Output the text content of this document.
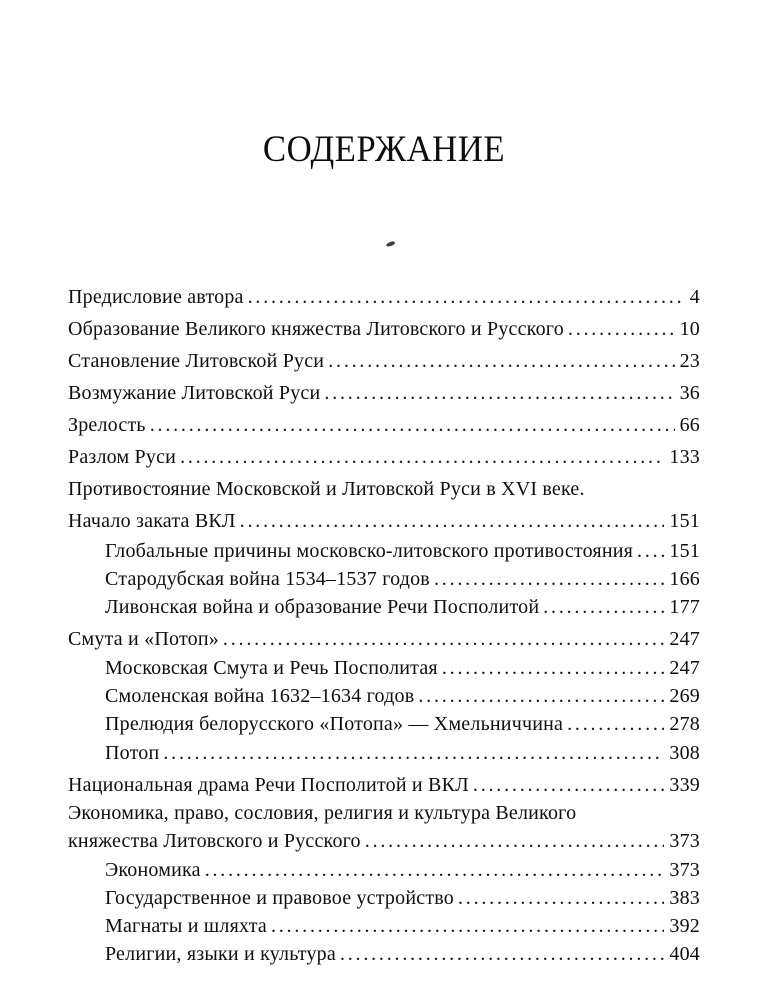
СОДЕРЖАНИЕ
Предисловие автора .....	4
Образование Великого княжества Литовского и Русского .....	10
Становление Литовской Руси .....	23
Возмужание Литовской Руси .....	36
Зрелость .....	66
Разлом Руси .....	133
Противостояние Московской и Литовской Руси в XVI веке.
Начало заката ВКЛ .....	151
Глобальные причины московско-литовского противостояния ..... 151
Стародубская война 1534–1537 годов .....	166
Ливонская война и образование Речи Посполитой .....	177
Смута и «Потоп» .....	247
Московская Смута и Речь Посполитая .....	247
Смоленская война 1632–1634 годов .....	269
Прелюдия белорусского «Потопа» — Хмельниччина .....	278
Потоп .....	308
Национальная драма Речи Посполитой и ВКЛ .....	339
Экономика, право, сословия, религия и культура Великого
княжества Литовского и Русского .....	373
Экономика .....	373
Государственное и правовое устройство .....	383
Магнаты и шляхта .....	392
Религии, языки и культура .....	404
